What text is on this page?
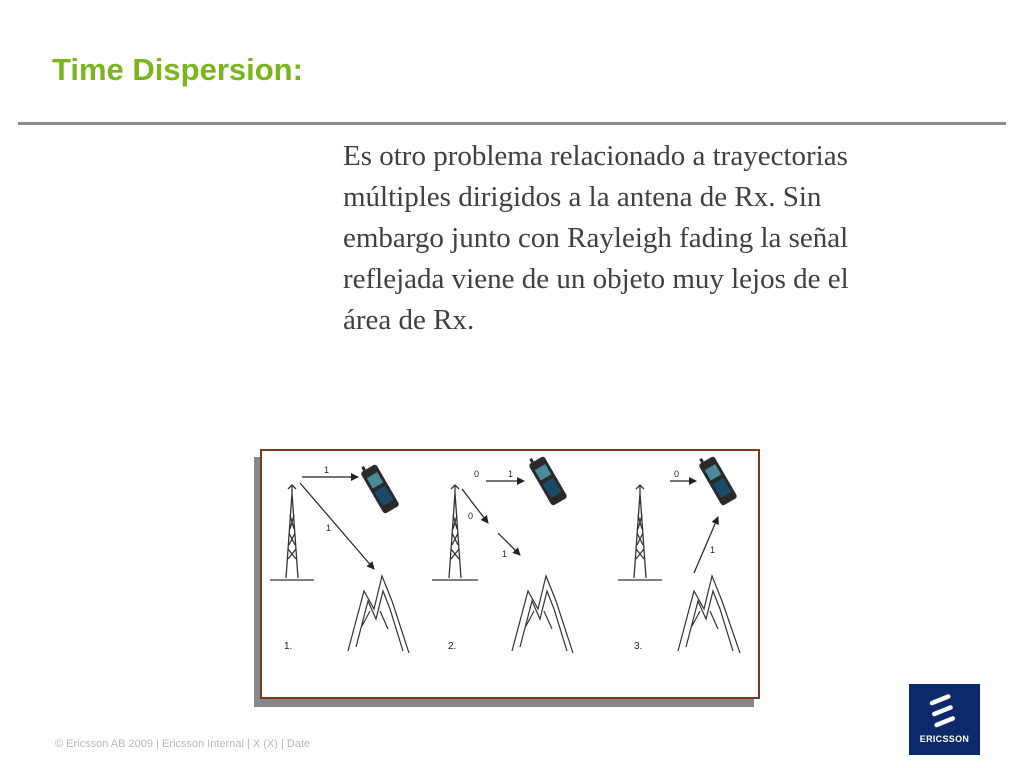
Time Dispersion:
Es otro problema relacionado a trayectorias
múltiples dirigidos a la antena de Rx. Sin
embargo junto con Rayleigh fading la señal
reflejada viene de un objeto muy lejos de el
área de Rx.
1
1
1.
0	1
0
1
2.
0
1
3.
© Ericsson AB 2009 | Ericsson Internal | X (X) | Date	ERICSSON
